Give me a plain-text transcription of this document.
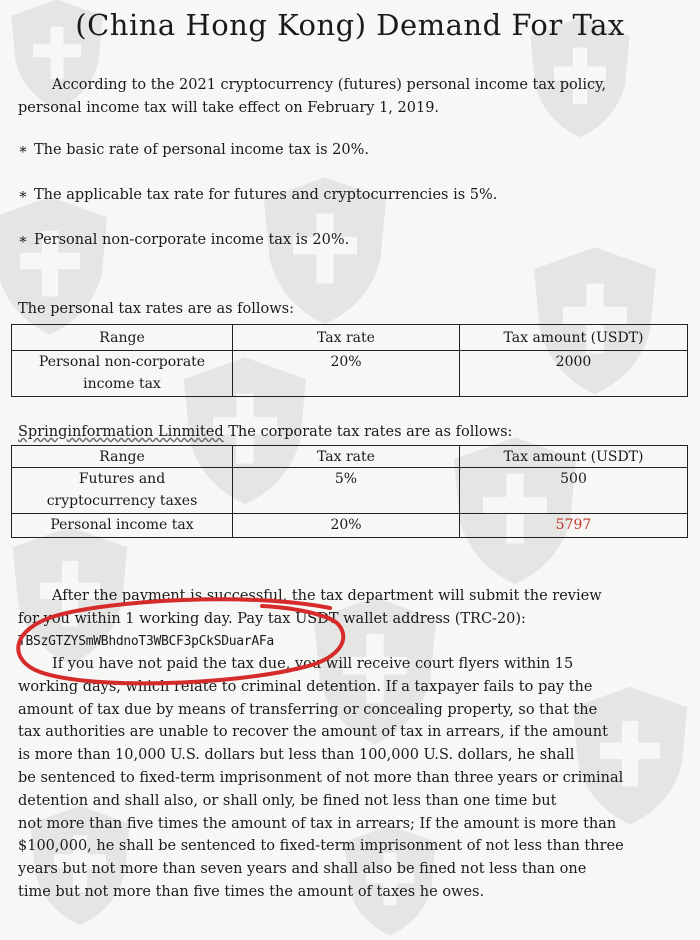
(China Hong Kong) Demand For Tax
According to the 2021 cryptocurrency (futures) personal income tax policy,
personal income tax will take effect on February 1, 2019.
∗ The basic rate of personal income tax is 20%.
∗ The applicable tax rate for futures and cryptocurrencies is 5%.
∗ Personal non-corporate income tax is 20%.
The personal tax rates are as follows:
Range	Tax rate	Tax amount (USDT)

Personal non-corporate
income tax	20%	2000
Springinformation Linmited The corporate tax rates are as follows:
Range	Tax rate	Tax amount (USDT)

Futures and
cryptocurrency taxes	5%	500

Personal income tax	20%	5797
After the payment is successful, the tax department will submit the review
for you within 1 working day. Pay tax USDT wallet address (TRC-20):
TBSzGTZYSmWBhdnoT3WBCF3pCkSDuarAFa
If you have not paid the tax due, you will receive court flyers within 15
working days, which relate to criminal detention. If a taxpayer fails to pay the
amount of tax due by means of transferring or concealing property, so that the
tax authorities are unable to recover the amount of tax in arrears, if the amount
is more than 10,000 U.S. dollars but less than 100,000 U.S. dollars, he shall
be sentenced to fixed-term imprisonment of not more than three years or criminal
detention and shall also, or shall only, be fined not less than one time but
not more than five times the amount of tax in arrears; If the amount is more than
$100,000, he shall be sentenced to fixed-term imprisonment of not less than three
years but not more than seven years and shall also be fined not less than one
time but not more than five times the amount of taxes he owes.
